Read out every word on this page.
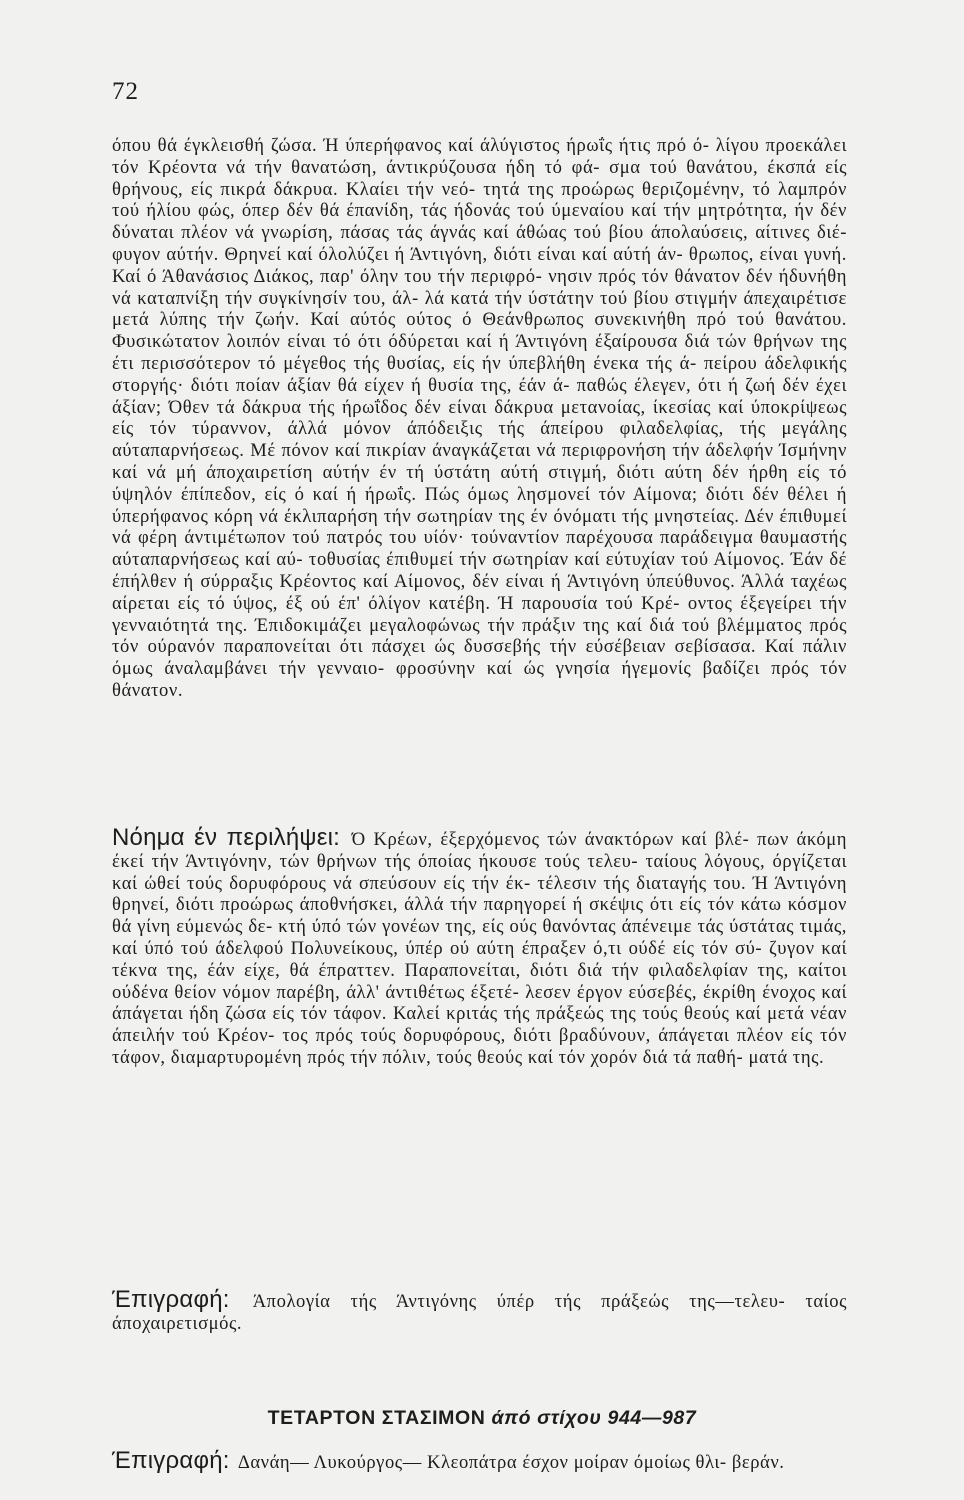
72

όπου θά έγκλεισθή ζώσα. Ή ύπερήφανος καί άλύγιστος ήρωΐς ήτις πρό ό- λίγου προεκάλει τόν Κρέοντα νά τήν θανατώση, άντικρύζουσα ήδη τό φά- σμα τού θανάτου, έκσπά είς θρήνους, είς πικρά δάκρυα. Κλαίει τήν νεό- τητά της προώρως θεριζομένην, τό λαμπρόν τού ήλίου φώς, όπερ δέν θά έπανίδη, τάς ήδονάς τού ύμεναίου καί τήν μητρότητα, ήν δέν δύναται πλέον νά γνωρίση, πάσας τάς άγνάς καί άθώας τού βίου άπολαύσεις, αίτινες διέ- φυγον αύτήν. Θρηνεί καί όλολύζει ή Άντιγόνη, διότι είναι καί αύτή άν- θρωπος, είναι γυνή. Καί ό Άθανάσιος Διάκος, παρ' όλην του τήν περιφρό- νησιν πρός τόν θάνατον δέν ήδυνήθη νά καταπνίξη τήν συγκίνησίν του, άλ- λά κατά τήν ύστάτην τού βίου στιγμήν άπεχαιρέτισε μετά λύπης τήν ζωήν. Καί αύτός ούτος ό Θεάνθρωπος συνεκινήθη πρό τού θανάτου. Φυσικώτατον λοιπόν είναι τό ότι όδύρεται καί ή Άντιγόνη έξαίρουσα διά τών θρήνων της έτι περισσότερον τό μέγεθος τής θυσίας, είς ήν ύπεβλήθη ένεκα τής ά- πείρου άδελφικής στοργής· διότι ποίαν άξίαν θά είχεν ή θυσία της, έάν ά- παθώς έλεγεν, ότι ή ζωή δέν έχει άξίαν; Όθεν τά δάκρυα τής ήρωΐδος δέν είναι δάκρυα μετανοίας, ίκεσίας καί ύποκρίψεως είς τόν τύραννον, άλλά μόνον άπόδειξις τής άπείρου φιλαδελφίας, τής μεγάλης αύταπαρνήσεως. Μέ πόνον καί πικρίαν άναγκάζεται νά περιφρονήση τήν άδελφήν Ίσμήνην καί νά μή άποχαιρετίση αύτήν έν τή ύστάτη αύτή στιγμή, διότι αύτη δέν ήρθη είς τό ύψηλόν έπίπεδον, είς ό καί ή ήρωΐς. Πώς όμως λησμονεί τόν Αίμονα; διότι δέν θέλει ή ύπερήφανος κόρη νά έκλιπαρήση τήν σωτηρίαν της έν όνόματι τής μνηστείας. Δέν έπιθυμεί νά φέρη άντιμέτωπον τού πατρός του υίόν· τούναντίον παρέχουσα παράδειγμα θαυμαστής αύταπαρνήσεως καί αύ- τοθυσίας έπιθυμεί τήν σωτηρίαν καί εύτυχίαν τού Αίμονος. Έάν δέ έπήλθεν ή σύρραξις Κρέοντος καί Αίμονος, δέν είναι ή Άντιγόνη ύπεύθυνος. Άλλά ταχέως αίρεται είς τό ύψος, έξ ού έπ' όλίγον κατέβη. Ή παρουσία τού Κρέ- οντος έξεγείρει τήν γενναιότητά της. Έπιδοκιμάζει μεγαλοφώνως τήν πράξιν της καί διά τού βλέμματος πρός τόν ούρανόν παραπονείται ότι πάσχει ώς δυσσεβής τήν εύσέβειαν σεβίσασα. Καί πάλιν όμως άναλαμβάνει τήν γενναιο- φροσύνην καί ώς γνησία ήγεμονίς βαδίζει πρός τόν θάνατον.

Νόημα έν περιλήψει: Ό Κρέων, έξερχόμενος τών άνακτόρων καί βλέ- πων άκόμη έκεί τήν Άντιγόνην, τών θρήνων τής όποίας ήκουσε τούς τελευ- ταίους λόγους, όργίζεται καί ώθεί τούς δορυφόρους νά σπεύσουν είς τήν έκ- τέλεσιν τής διαταγής του. Ή Άντιγόνη θρηνεί, διότι προώρως άποθνήσκει, άλλά τήν παρηγορεί ή σκέψις ότι είς τόν κάτω κόσμον θά γίνη εύμενώς δε- κτή ύπό τών γονέων της, είς ούς θανόντας άπένειμε τάς ύστάτας τιμάς, καί ύπό τού άδελφού Πολυνείκους, ύπέρ ού αύτη έπραξεν ό,τι ούδέ είς τόν σύ- ζυγον καί τέκνα της, έάν είχε, θά έπραττεν. Παραπονείται, διότι διά τήν φιλαδελφίαν της, καίτοι ούδένα θείον νόμον παρέβη, άλλ' άντιθέτως έξετέ- λεσεν έργον εύσεβές, έκρίθη ένοχος καί άπάγεται ήδη ζώσα είς τόν τάφον. Καλεί κριτάς τής πράξεώς της τούς θεούς καί μετά νέαν άπειλήν τού Κρέον- τος πρός τούς δορυφόρους, διότι βραδύνουν, άπάγεται πλέον είς τόν τάφον, διαμαρτυρομένη πρός τήν πόλιν, τούς θεούς καί τόν χορόν διά τά παθή- ματά της.

Έπιγραφή: Άπολογία τής Άντιγόνης ύπέρ τής πράξεώς της—τελευ- ταίος άποχαιρετισμός.

ΤΕΤΑΡΤΟΝ ΣΤΑΣΙΜΟΝ άπό στίχου 944—987

Έπιγραφή: Δανάη— Λυκούργος— Κλεοπάτρα έσχον μοίραν όμοίως θλι- βεράν.
